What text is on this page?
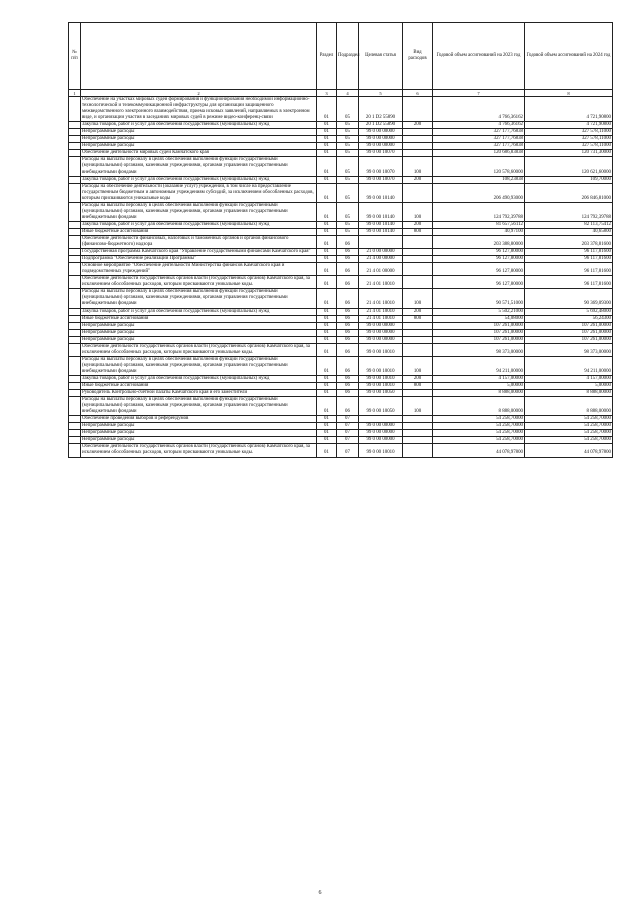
№ п/п		Раздел	Подраздел	Целевая статья	Вид расходов	Годовой объем ассигнований на 2023 год	Годовой объем ассигнований на 2024 год
1	2	3	4	5	6	7	8
	Обеспечение на участках мировых судей формирования и функционирования необходимой информационно-технологической и телекоммуникационной инфраструктуры для организации защищенного межведомственного электронного взаимодействия, приема исковых заявлений, направляемых в электронном виде, и организации участия в заседаниях мировых судей в режиме видео-конференц-связи	01	05	20 1 D2 55890		4 766,36162	4 721,90800
	Закупка товаров, работ и услуг для обеспечения государственных (муниципальных) нужд	01	05	20 1 D2 55890	200	4 766,36162	4 721,90800
	Непрограммные расходы	01	05	99 0 00 00000		327 177,76838	327 578,11000
	Непрограммные расходы	01	05	99 0 00 00000		327 177,76838	327 578,11000
	Непрограммные расходы	01	05	99 0 00 00000		327 177,76838	327 578,11000
	Обеспечение деятельности мировых судей Камчатского края	01	05	99 0 00 10070		120 686,83838	120 731,30000
	Расходы на выплаты персоналу в целях обеспечения выполнения функций государственными (муниципальными) органами, казенными учреждениями, органами управления государственными внебюджетными фондами	01	05	99 0 00 10070	100	120 578,60000	120 621,60000
	Закупка товаров, работ и услуг для обеспечения государственных (муниципальных) нужд	01	05	99 0 00 10070	200	108,23838	109,70000
	Расходы на обеспечение деятельности (оказание услуг) учреждений, в том числе на предоставление государственным бюджетным и автономным учреждениям субсидий, за исключением обособленных расходов, которым присваиваются уникальные коды	01	05	99 0 00 10140		206 490,93000	206 846,81000
	Расходы на выплаты персоналу в целях обеспечения выполнения функций государственными (муниципальными) органами, казенными учреждениями, органами управления государственными внебюджетными фондами	01	05	99 0 00 10140	100	124 792,39788	124 792,39788
	Закупка товаров, работ и услуг для обеспечения государственных (муниципальных) нужд	01	05	99 0 00 10140	200	81 657,56112	82 113,75412
	Иные бюджетные ассигнования	01	05	99 0 00 10140	800	40,97100	40,65800
	Обеспечение деятельности финансовых, налоговых и таможенных органов и органов финансового (финансово-бюджетного) надзора	01	06			203 388,80000	203 378,81600
	Государственная программа Камчатского края "Управление государственными финансами Камчатского края"	01	06	21 0 00 00000		96 127,80000	96 117,81600
	Подпрограмма "Обеспечение реализации Программы"	01	06	21 4 00 00000		96 127,80000	96 117,81600
	Основное мероприятие "Обеспечение деятельности Министерства финансов Камчатского края и подведомственных учреждений"	01	06	21 4 01 00000		96 127,80000	96 117,81600
	Обеспечение деятельности государственных органов власти (государственных органов) Камчатского края, за исключением обособленных расходов, которым присваиваются уникальные коды.	01	06	21 4 01 10010		96 127,80000	96 117,81600
	Расходы на выплаты персоналу в целях обеспечения выполнения функций государственными (муниципальными) органами, казенными учреждениями, органами управления государственными внебюджетными фондами	01	06	21 4 01 10010	100	90 571,51000	90 369,09300
	Закупка товаров, работ и услуг для обеспечения государственных (муниципальных) нужд	01	06	21 4 01 10010	200	5 502,21000	5 692,48000
	Иные бюджетные ассигнования	01	06	21 4 01 10010	800	54,08000	56,24300
	Непрограммные расходы	01	06	99 0 00 00000		107 261,00000	107 261,00000
	Непрограммные расходы	01	06	99 0 00 00000		107 261,00000	107 261,00000
	Непрограммные расходы	01	06	99 0 00 00000		107 261,00000	107 261,00000
	Обеспечение деятельности государственных органов власти (государственных органов) Камчатского края, за исключением обособленных расходов, которым присваиваются уникальные коды.	01	06	99 0 00 10010		98 373,00000	98 373,00000
	Расходы на выплаты персоналу в целях обеспечения выполнения функций государственными (муниципальными) органами, казенными учреждениями, органами управления государственными внебюджетными фондами	01	06	99 0 00 10010	100	94 211,00000	94 211,00000
	Закупка товаров, работ и услуг для обеспечения государственных (муниципальных) нужд	01	06	99 0 00 10010	200	4 157,00000	4 157,00000
	Иные бюджетные ассигнования	01	06	99 0 00 10010	800	5,00000	5,00000
	Руководитель Контрольно-счетной палаты Камчатского края и его заместители	01	06	99 0 00 10050		8 888,00000	8 888,00000
	Расходы на выплаты персоналу в целях обеспечения выполнения функций государственными (муниципальными) органами, казенными учреждениями, органами управления государственными внебюджетными фондами	01	06	99 0 00 10050	100	8 888,00000	8 888,00000
	Обеспечение проведения выборов и референдумов	01	07			54 258,70000	54 258,70000
	Непрограммные расходы	01	07	99 0 00 00000		54 258,70000	54 258,70000
	Непрограммные расходы	01	07	99 0 00 00000		54 258,70000	54 258,70000
	Непрограммные расходы	01	07	99 0 00 00000		54 258,70000	54 258,70000
	Обеспечение деятельности государственных органов власти (государственных органов) Камчатского края, за исключением обособленных расходов, которым присваиваются уникальные коды.	01	07	99 0 00 10010		44 078,97800	44 078,97800
6
